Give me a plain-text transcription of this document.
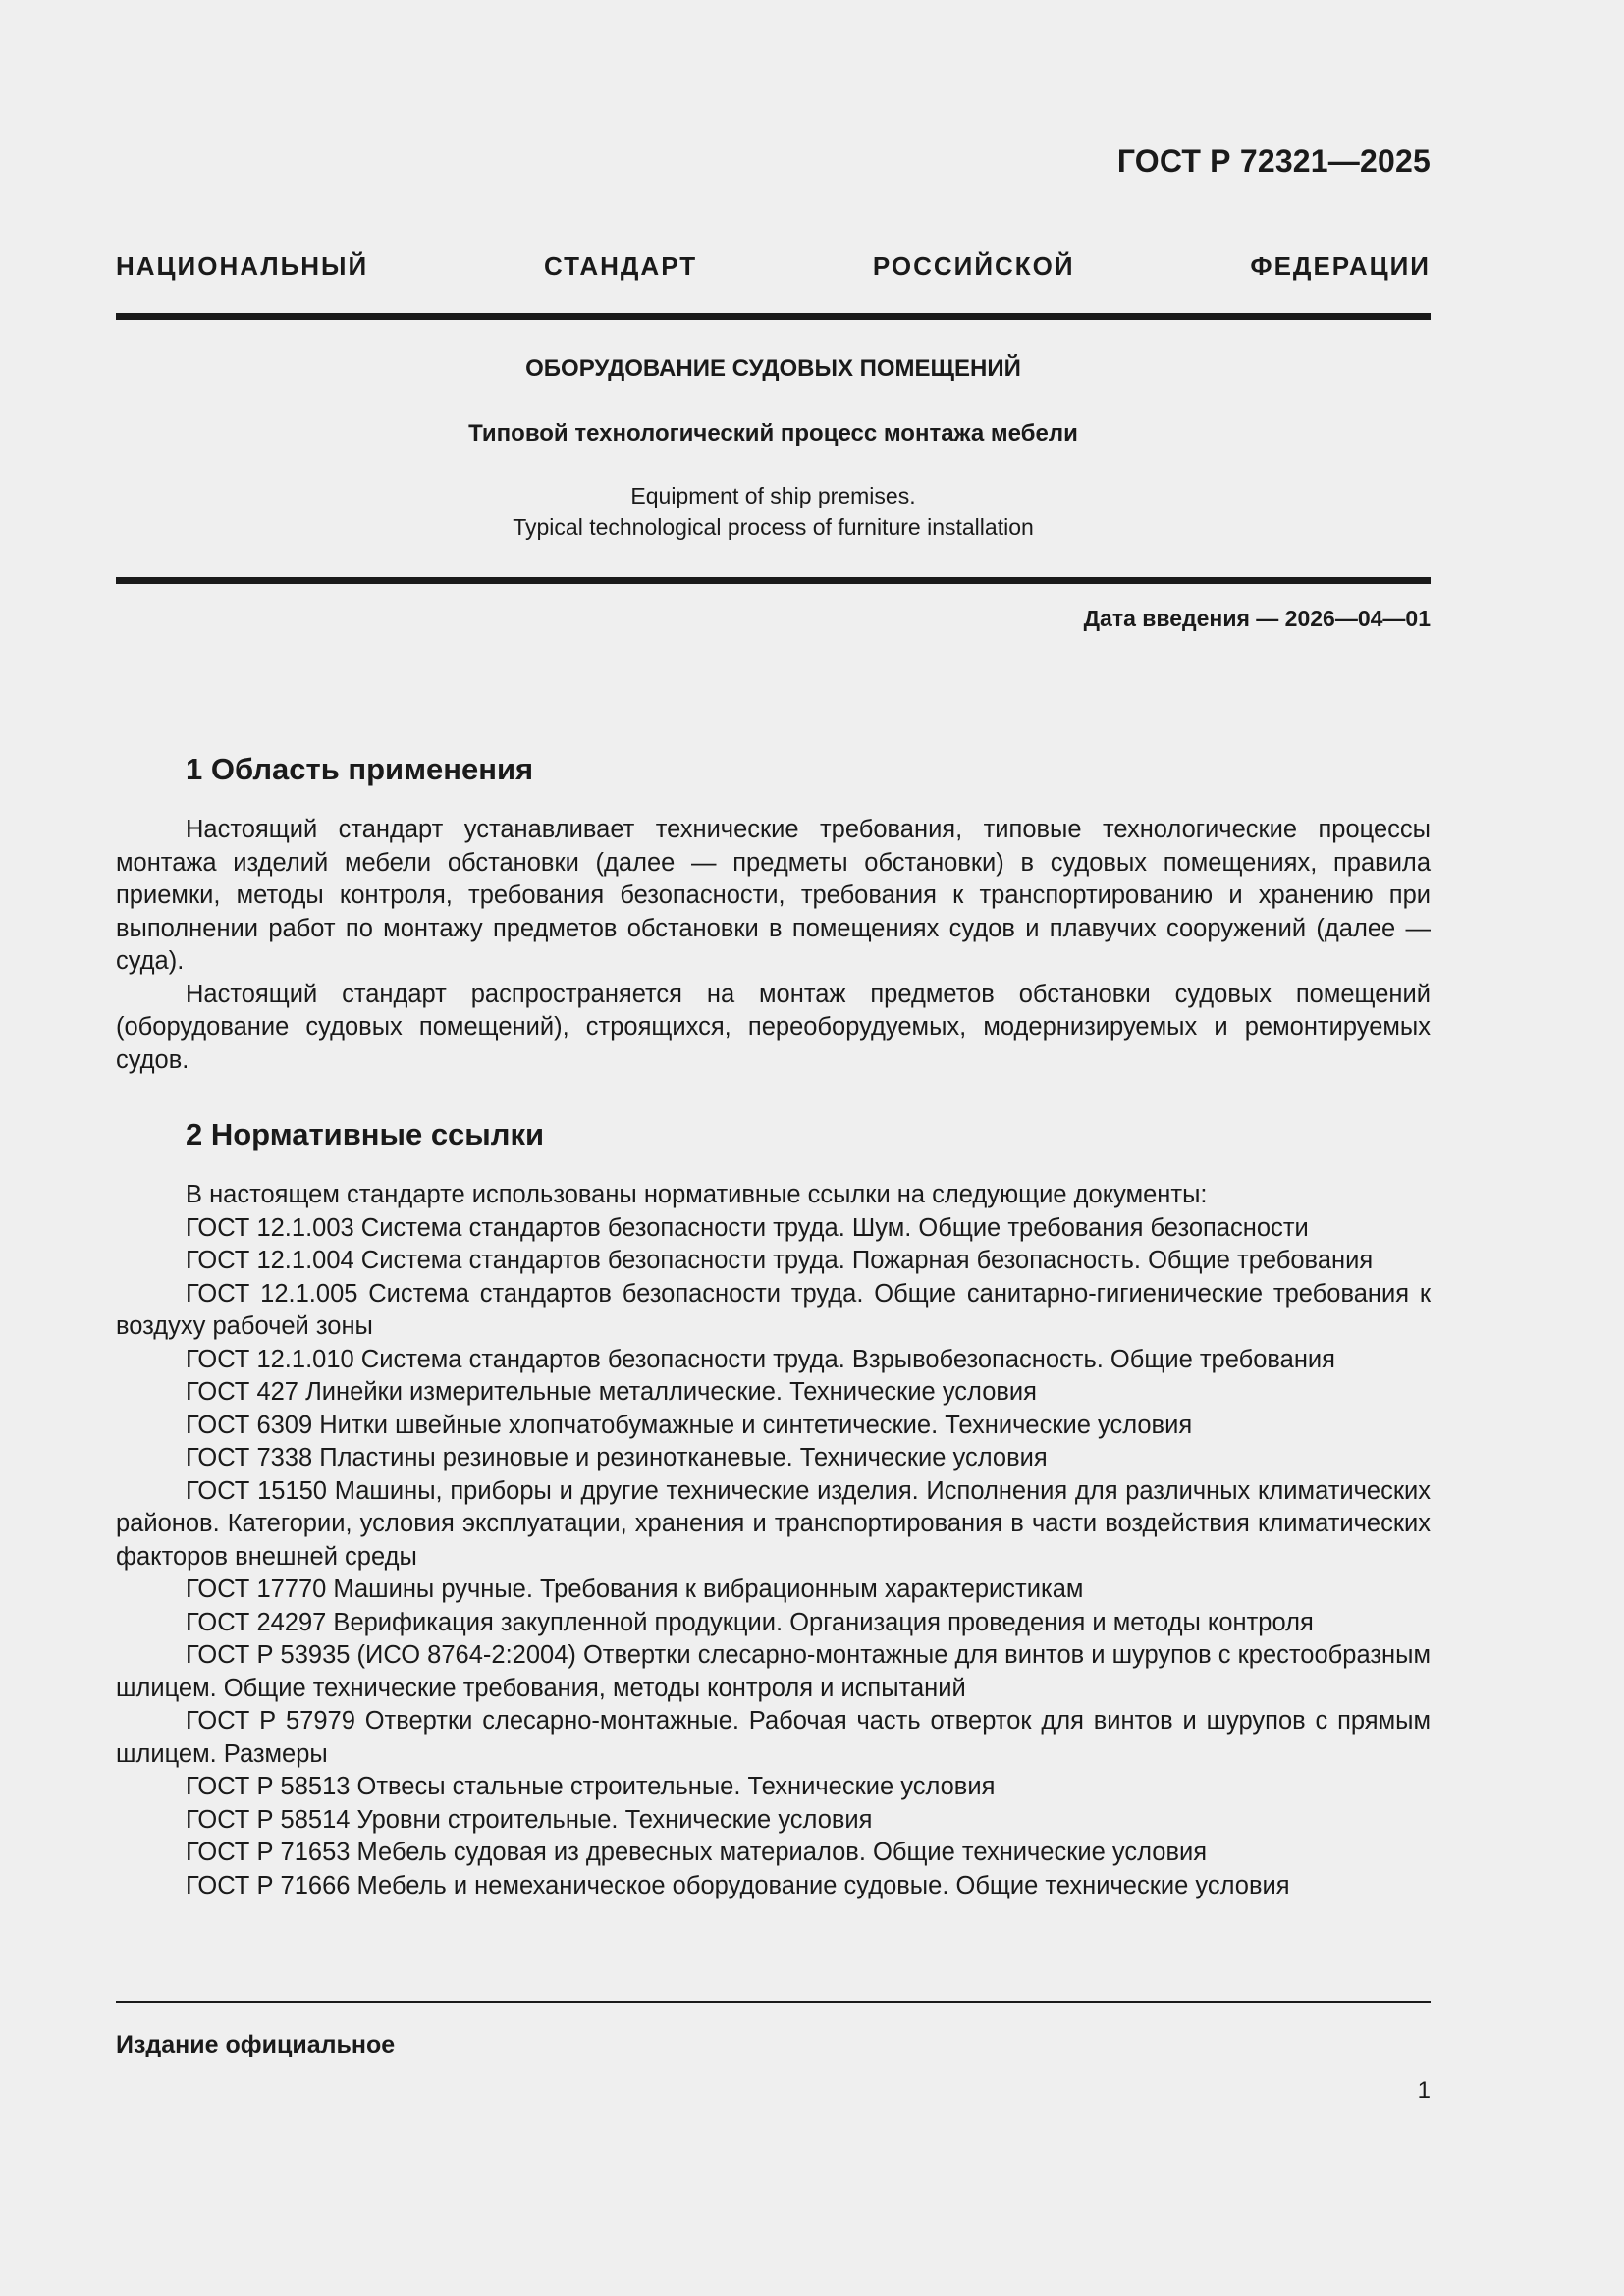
ГОСТ Р 72321—2025
НАЦИОНАЛЬНЫЙ СТАНДАРТ РОССИЙСКОЙ ФЕДЕРАЦИИ
ОБОРУДОВАНИЕ СУДОВЫХ ПОМЕЩЕНИЙ
Типовой технологический процесс монтажа мебели
Equipment of ship premises.
Typical technological process of furniture installation
Дата введения — 2026—04—01
1 Область применения

Настоящий стандарт устанавливает технические требования, типовые технологические процессы монтажа изделий мебели обстановки (далее — предметы обстановки) в судовых помещениях, правила приемки, методы контроля, требования безопасности, требования к транспортированию и хранению при выполнении работ по монтажу предметов обстановки в помещениях судов и плавучих сооружений (далее — суда).

Настоящий стандарт распространяется на монтаж предметов обстановки судовых помещений (оборудование судовых помещений), строящихся, переоборудуемых, модернизируемых и ремонтируемых судов.

2 Нормативные ссылки

В настоящем стандарте использованы нормативные ссылки на следующие документы:

ГОСТ 12.1.003 Система стандартов безопасности труда. Шум. Общие требования безопасности

ГОСТ 12.1.004 Система стандартов безопасности труда. Пожарная безопасность. Общие требования

ГОСТ 12.1.005 Система стандартов безопасности труда. Общие санитарно-гигиенические требования к воздуху рабочей зоны

ГОСТ 12.1.010 Система стандартов безопасности труда. Взрывобезопасность. Общие требования

ГОСТ 427 Линейки измерительные металлические. Технические условия

ГОСТ 6309 Нитки швейные хлопчатобумажные и синтетические. Технические условия

ГОСТ 7338 Пластины резиновые и резинотканевые. Технические условия

ГОСТ 15150 Машины, приборы и другие технические изделия. Исполнения для различных климатических районов. Категории, условия эксплуатации, хранения и транспортирования в части воздействия климатических факторов внешней среды

ГОСТ 17770 Машины ручные. Требования к вибрационным характеристикам

ГОСТ 24297 Верификация закупленной продукции. Организация проведения и методы контроля

ГОСТ Р 53935 (ИСО 8764-2:2004) Отвертки слесарно-монтажные для винтов и шурупов с крестообразным шлицем. Общие технические требования, методы контроля и испытаний

ГОСТ Р 57979 Отвертки слесарно-монтажные. Рабочая часть отверток для винтов и шурупов с прямым шлицем. Размеры

ГОСТ Р 58513 Отвесы стальные строительные. Технические условия

ГОСТ Р 58514 Уровни строительные. Технические условия

ГОСТ Р 71653 Мебель судовая из древесных материалов. Общие технические условия

ГОСТ Р 71666 Мебель и немеханическое оборудование судовые. Общие технические условия

Издание официальное
1
